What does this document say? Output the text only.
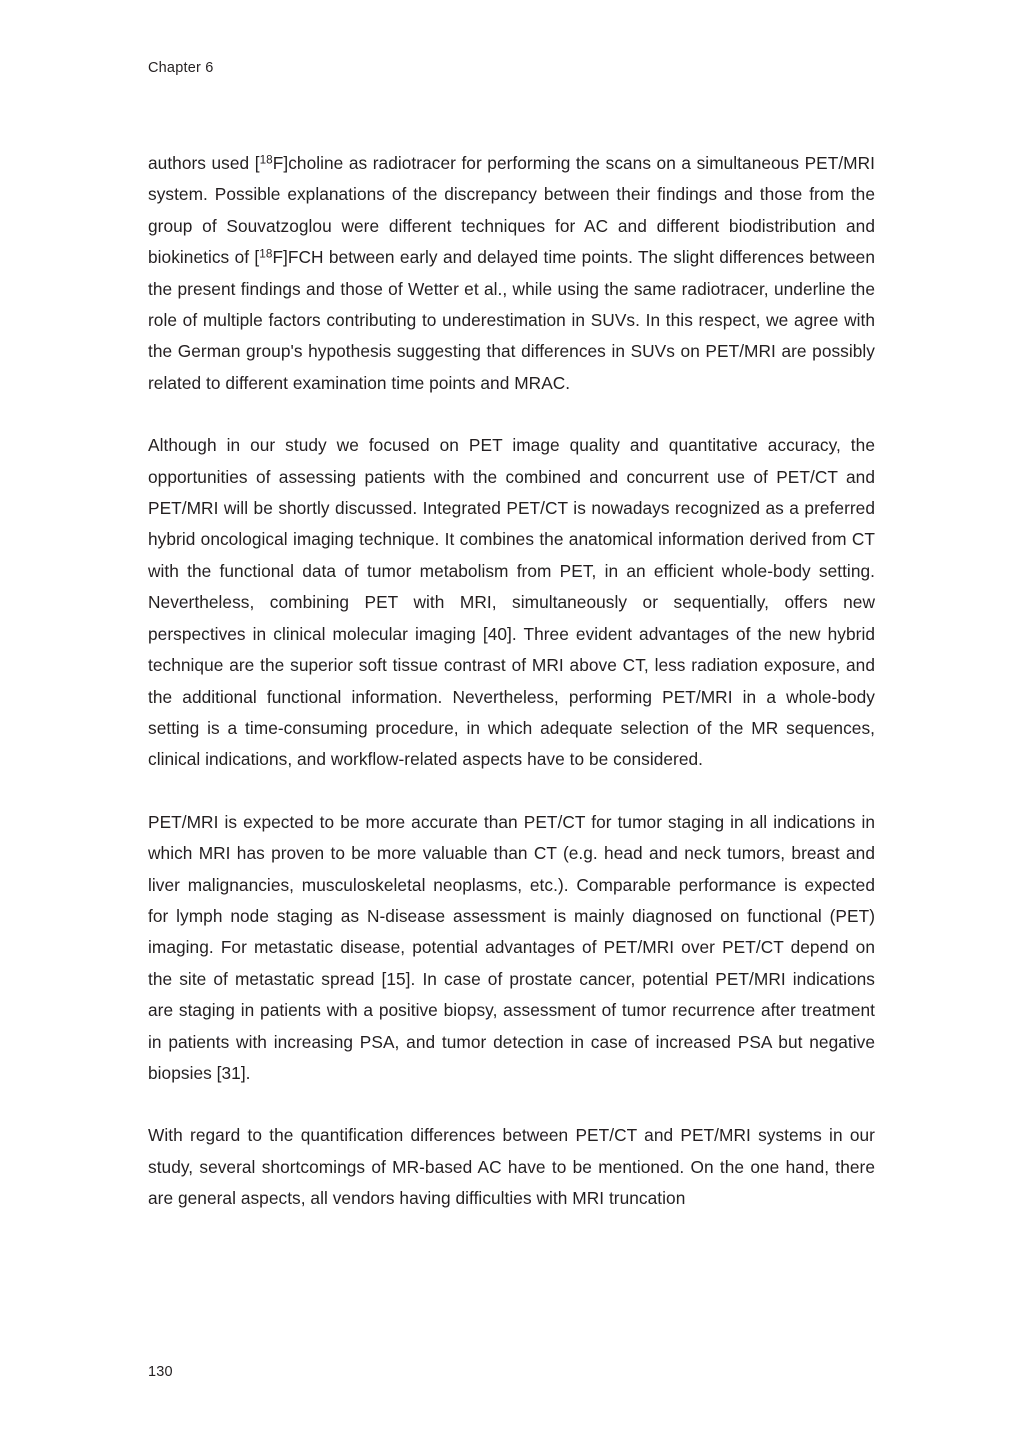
Chapter 6

authors used [$^{18}$F]choline as radiotracer for performing the scans on a simultaneous PET/MRI system. Possible explanations of the discrepancy between their findings and those from the group of Souvatzoglou were different techniques for AC and different biodistribution and biokinetics of [$^{18}$F]FCH between early and delayed time points. The slight differences between the present findings and those of Wetter et al., while using the same radiotracer, underline the role of multiple factors contributing to underestimation in SUVs. In this respect, we agree with the German group's hypothesis suggesting that differences in SUVs on PET/MRI are possibly related to different examination time points and MRAC.

Although in our study we focused on PET image quality and quantitative accuracy, the opportunities of assessing patients with the combined and concurrent use of PET/CT and PET/MRI will be shortly discussed. Integrated PET/CT is nowadays recognized as a preferred hybrid oncological imaging technique. It combines the anatomical information derived from CT with the functional data of tumor metabolism from PET, in an efficient whole-body setting. Nevertheless, combining PET with MRI, simultaneously or sequentially, offers new perspectives in clinical molecular imaging [40]. Three evident advantages of the new hybrid technique are the superior soft tissue contrast of MRI above CT, less radiation exposure, and the additional functional information. Nevertheless, performing PET/MRI in a whole-body setting is a time-consuming procedure, in which adequate selection of the MR sequences, clinical indications, and workflow-related aspects have to be considered.

PET/MRI is expected to be more accurate than PET/CT for tumor staging in all indications in which MRI has proven to be more valuable than CT (e.g. head and neck tumors, breast and liver malignancies, musculoskeletal neoplasms, etc.). Comparable performance is expected for lymph node staging as N-disease assessment is mainly diagnosed on functional (PET) imaging. For metastatic disease, potential advantages of PET/MRI over PET/CT depend on the site of metastatic spread [15]. In case of prostate cancer, potential PET/MRI indications are staging in patients with a positive biopsy, assessment of tumor recurrence after treatment in patients with increasing PSA, and tumor detection in case of increased PSA but negative biopsies [31].

With regard to the quantification differences between PET/CT and PET/MRI systems in our study, several shortcomings of MR-based AC have to be mentioned. On the one hand, there are general aspects, all vendors having difficulties with MRI truncation

130
